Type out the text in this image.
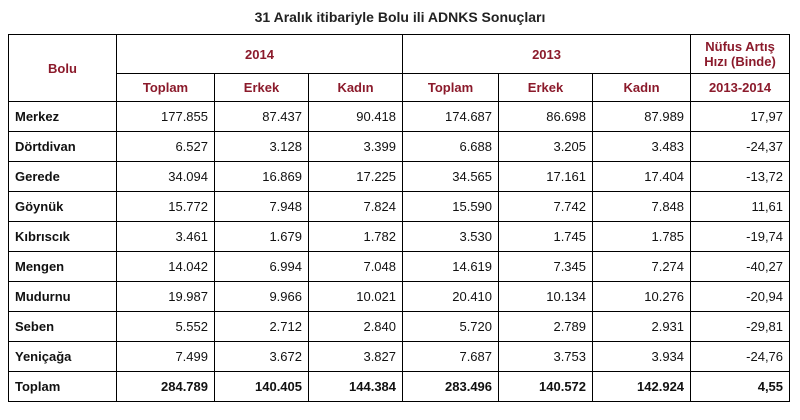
31 Aralık itibariyle Bolu ili ADNKS Sonuçları
Bolu	2014			2013			Nüfus Artış
Hızı (Binde)

	Toplam	Erkek	Kadın	Toplam	Erkek	Kadın	2013-2014
Merkez	177.855	87.437	90.418	174.687	86.698	87.989	17,97
Dörtdivan	6.527	3.128	3.399	6.688	3.205	3.483	-24,37
Gerede	34.094	16.869	17.225	34.565	17.161	17.404	-13,72
Göynük	15.772	7.948	7.824	15.590	7.742	7.848	11,61
Kıbrıscık	3.461	1.679	1.782	3.530	1.745	1.785	-19,74
Mengen	14.042	6.994	7.048	14.619	7.345	7.274	-40,27
Mudurnu	19.987	9.966	10.021	20.410	10.134	10.276	-20,94
Seben	5.552	2.712	2.840	5.720	2.789	2.931	-29,81
Yeniçağa	7.499	3.672	3.827	7.687	3.753	3.934	-24,76
Toplam	284.789	140.405	144.384	283.496	140.572	142.924	4,55
